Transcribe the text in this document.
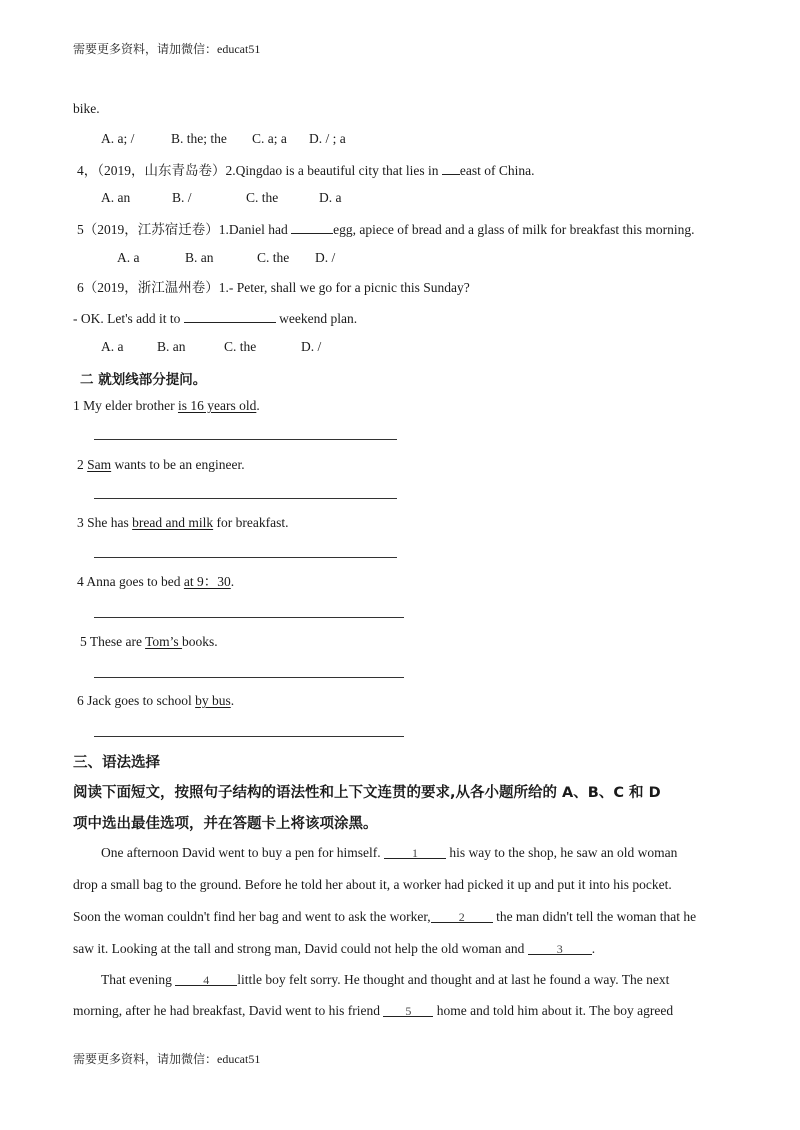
需要更多资料，请加微信：educat51
bike.
A. a; /	B. the; the C. a; a D. / ; a
4，（2019，山东青岛卷）2.Qingdao is a beautiful city that lies in east of China.
A. an	B. /	C. the	D. a
5（2019，江苏宿迁卷）1.Daniel had	egg, apiece of bread and a glass of milk for breakfast this morning.
A. a	B. an	C. the D. /
6（2019，浙江温州卷）1.- Peter, shall we go for a picnic this Sunday?
- OK. Let's add it to	weekend plan.
A. a B. an	C. the	D. /
二 就划线部分提问。
1 My elder brother is 16 years old.
2 Sam wants to be an engineer.
3 She has bread and milk for breakfast.
4 Anna goes to bed at 9：30.
5 These are Tom’s books.
6 Jack goes to school by bus.
三、语法选择
阅读下面短文，按照句子结构的语法性和上下文连贯的要求,从各小题所给的 A、B、C 和 D
项中选出最佳选项，并在答题卡上将该项涂黑。
One afternoon David went to buy a pen for himself. 1 his way to the shop, he saw an old woman
drop a small bag to the ground. Before he told her about it, a worker had picked it up and put it into his pocket.
Soon the woman couldn't find her bag and went to ask the worker, 2 the man didn't tell the woman that he
saw it. Looking at the tall and strong man, David could not help the old woman and 3 .
That evening 4 little boy felt sorry. He thought and thought and at last he found a way. The next
morning, after he had breakfast, David went to his friend 5 home and told him about it. The boy agreed
需要更多资料，请加微信：educat51
